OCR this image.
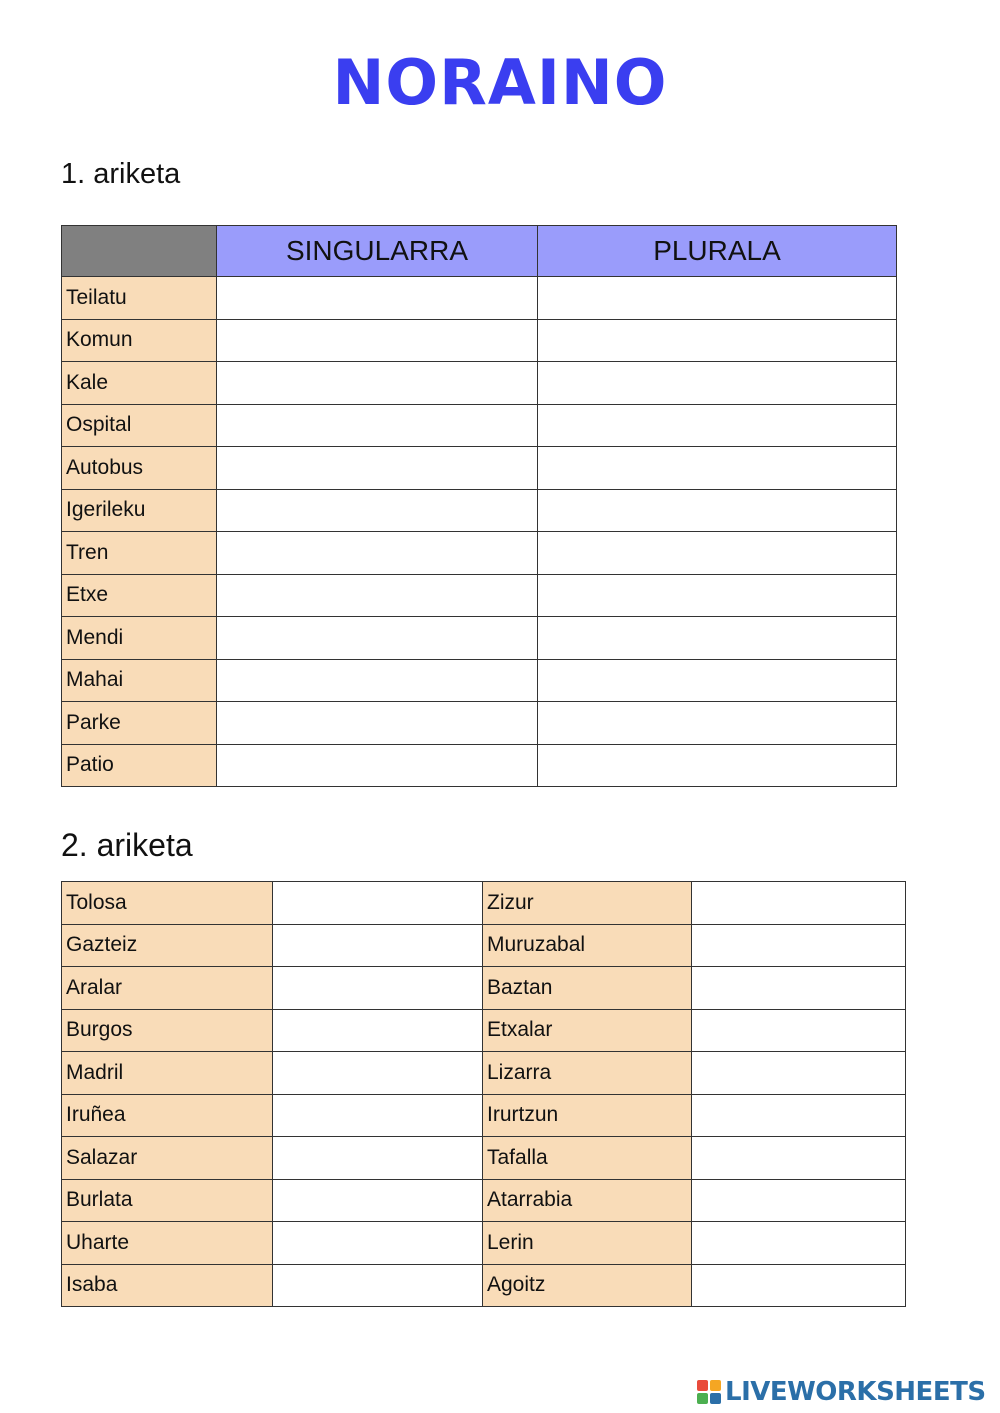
NORAINO
1. ariketa
	SINGULARRA	PLURALA
Teilatu		
Komun		
Kale		
Ospital		
Autobus		
Igerileku		
Tren		
Etxe		
Mendi		
Mahai		
Parke		
Patio		
2. ariketa
Tolosa		Zizur	
Gazteiz		Muruzabal	
Aralar		Baztan	
Burgos		Etxalar	
Madril		Lizarra	
Iruñea		Irurtzun	
Salazar		Tafalla	
Burlata		Atarrabia	
Uharte		Lerin	
Isaba		Agoitz	
LIVEWORKSHEETS
